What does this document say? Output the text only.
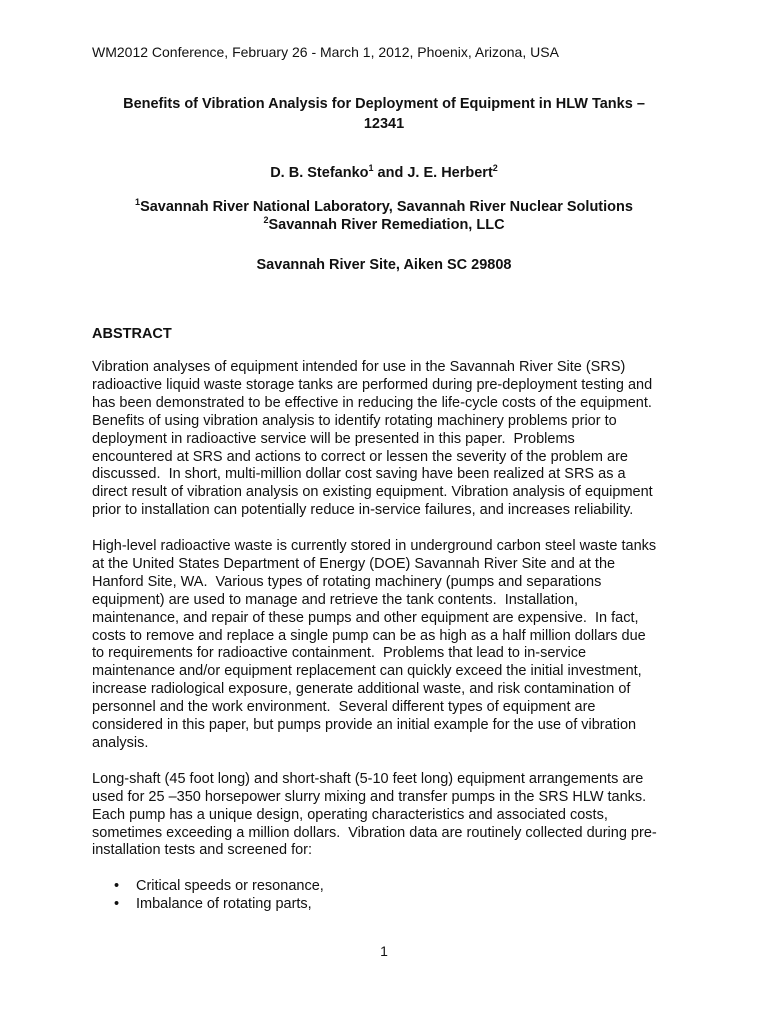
WM2012 Conference, February 26 - March 1, 2012, Phoenix, Arizona, USA
Benefits of Vibration Analysis for Deployment of Equipment in HLW Tanks –
12341
D. B. Stefanko$^1$ and J. E. Herbert$^2$
$^1$Savannah River National Laboratory, Savannah River Nuclear Solutions
$^2$Savannah River Remediation, LLC
Savannah River Site, Aiken SC 29808
ABSTRACT
Vibration analyses of equipment intended for use in the Savannah River Site (SRS)
radioactive liquid waste storage tanks are performed during pre-deployment testing and
has been demonstrated to be effective in reducing the life-cycle costs of the equipment.
Benefits of using vibration analysis to identify rotating machinery problems prior to
deployment in radioactive service will be presented in this paper.  Problems
encountered at SRS and actions to correct or lessen the severity of the problem are
discussed.  In short, multi-million dollar cost saving have been realized at SRS as a
direct result of vibration analysis on existing equipment. Vibration analysis of equipment
prior to installation can potentially reduce in-service failures, and increases reliability.
High-level radioactive waste is currently stored in underground carbon steel waste tanks
at the United States Department of Energy (DOE) Savannah River Site and at the
Hanford Site, WA.  Various types of rotating machinery (pumps and separations
equipment) are used to manage and retrieve the tank contents.  Installation,
maintenance, and repair of these pumps and other equipment are expensive.  In fact,
costs to remove and replace a single pump can be as high as a half million dollars due
to requirements for radioactive containment.  Problems that lead to in-service
maintenance and/or equipment replacement can quickly exceed the initial investment,
increase radiological exposure, generate additional waste, and risk contamination of
personnel and the work environment.  Several different types of equipment are
considered in this paper, but pumps provide an initial example for the use of vibration
analysis.
Long-shaft (45 foot long) and short-shaft (5-10 feet long) equipment arrangements are
used for 25 –350 horsepower slurry mixing and transfer pumps in the SRS HLW tanks.
Each pump has a unique design, operating characteristics and associated costs,
sometimes exceeding a million dollars.  Vibration data are routinely collected during pre-
installation tests and screened for:
• Critical speeds or resonance,
• Imbalance of rotating parts,
1
